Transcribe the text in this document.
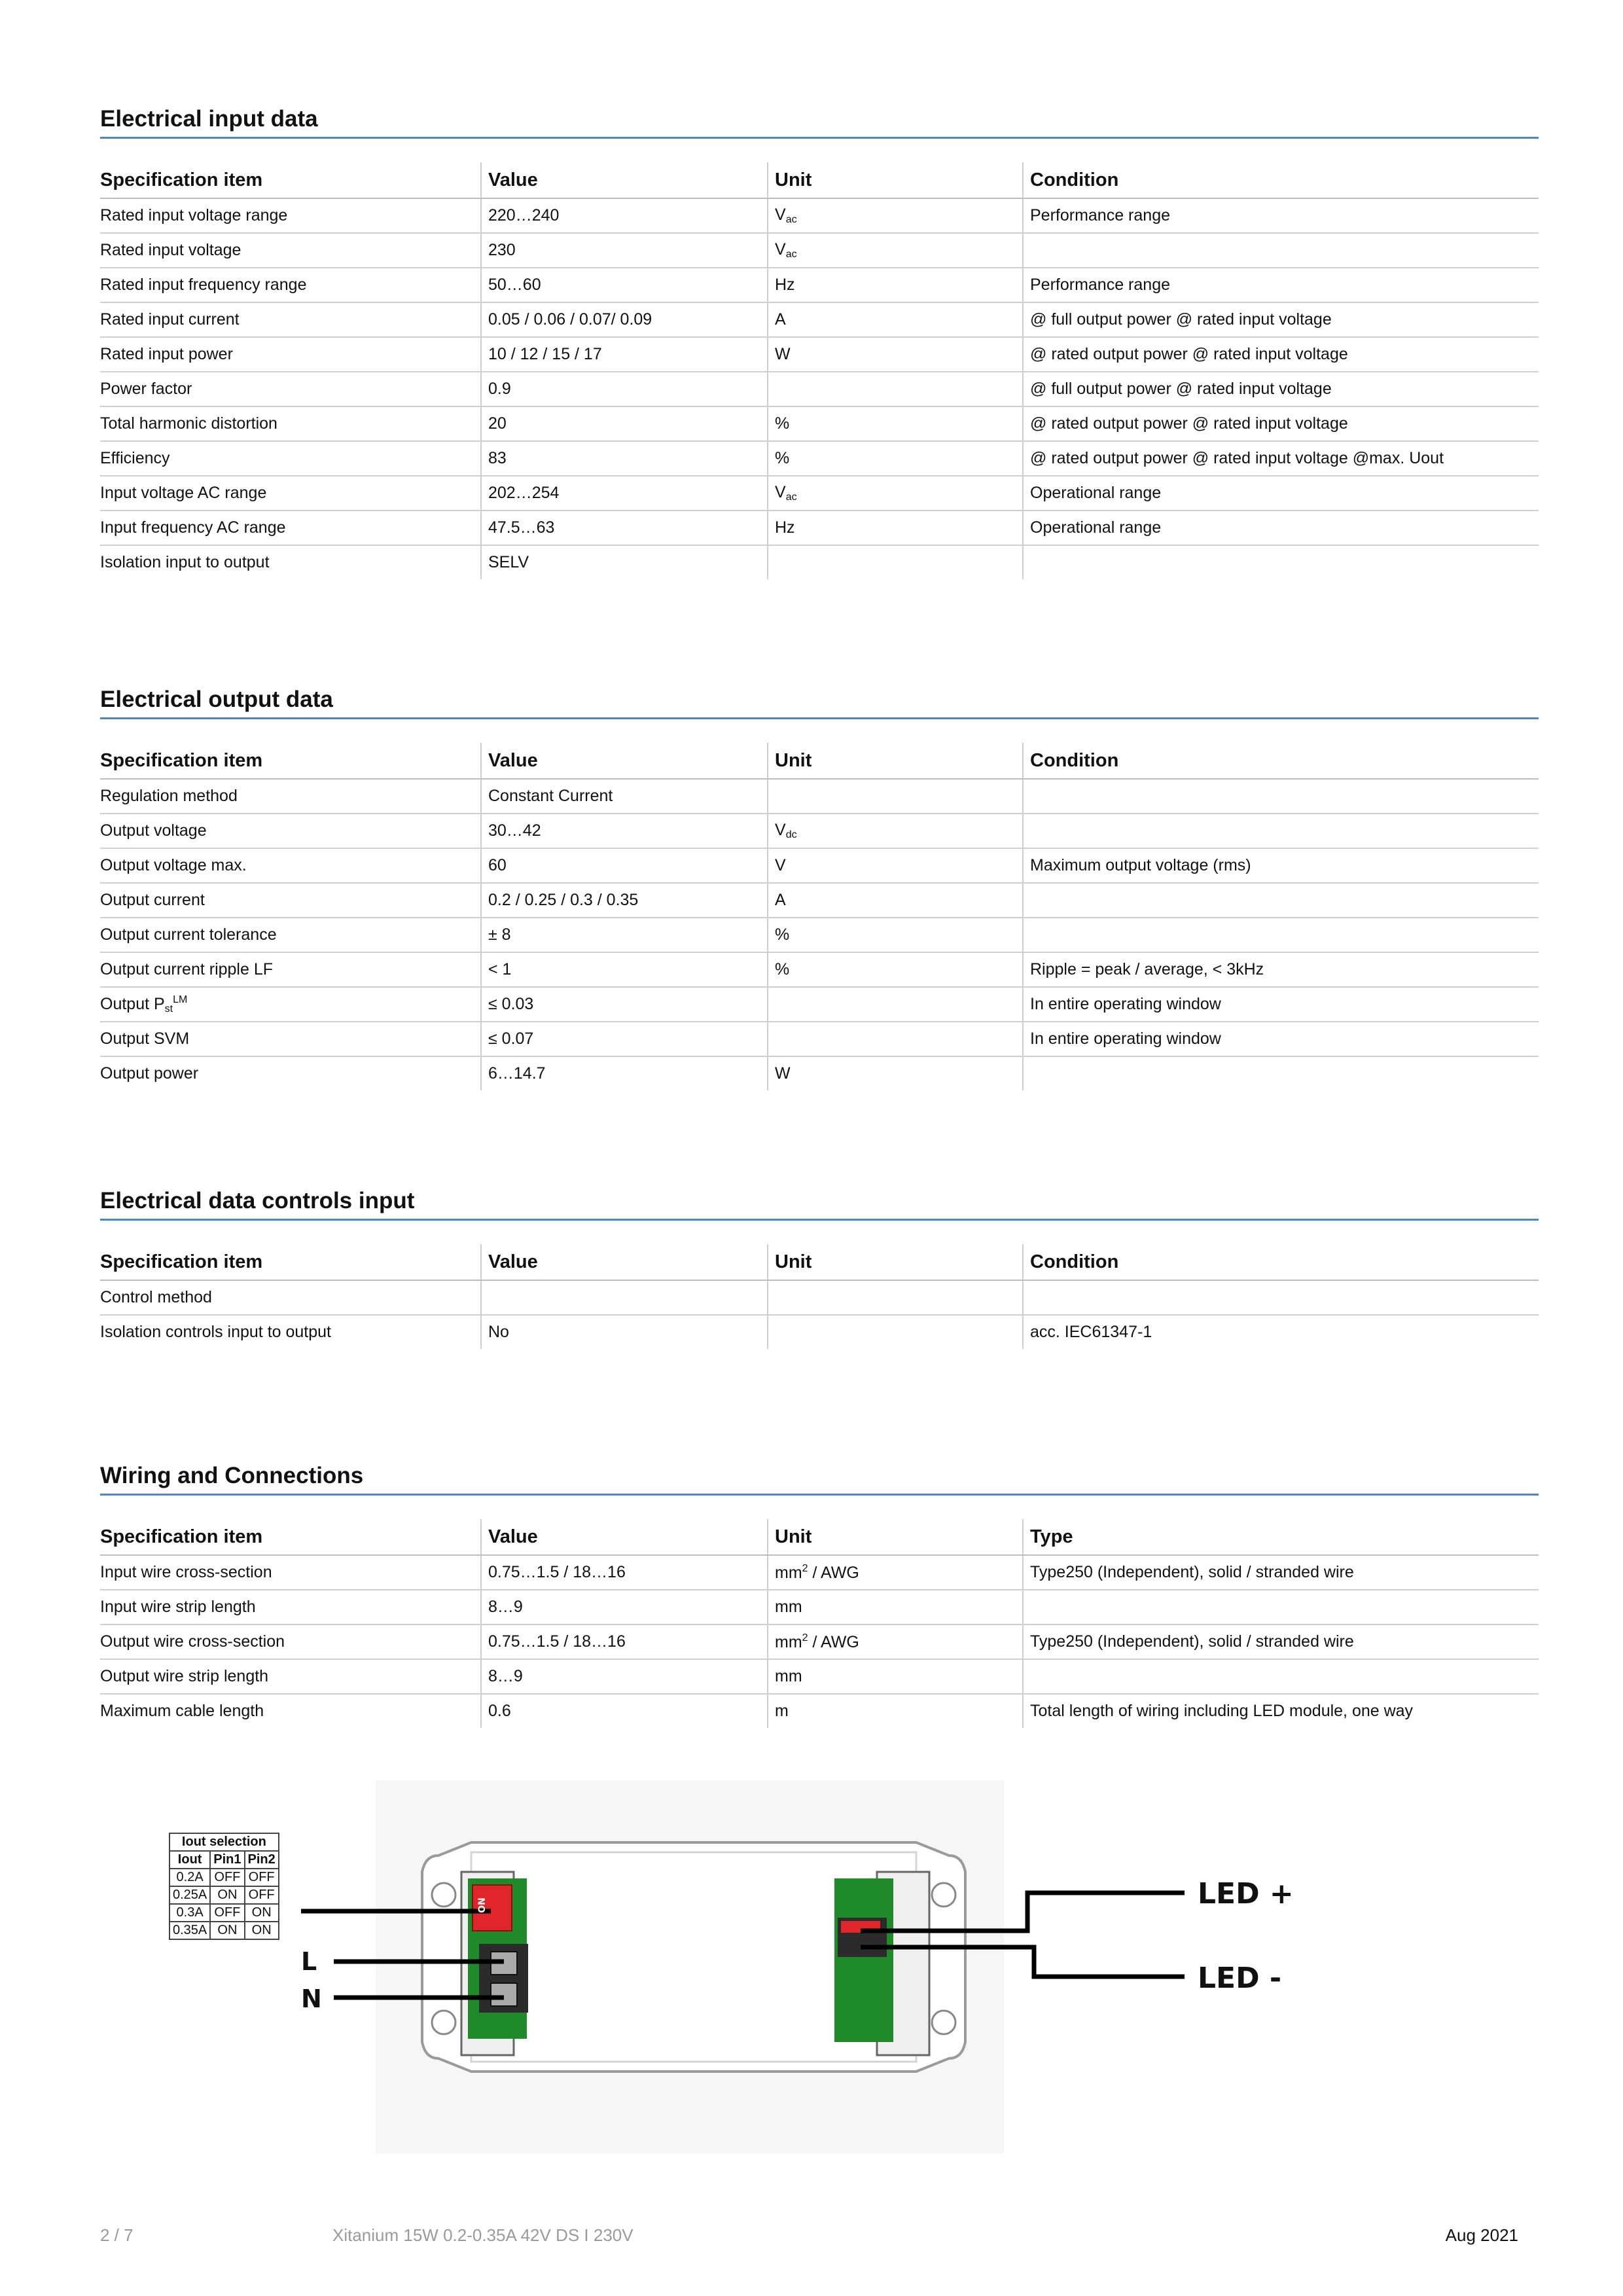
Electrical input data
Specification item	Value	Unit	Condition
Rated input voltage range	220…240	$V_{ac}$	Performance range
Rated input voltage	230	$V_{ac}$	
Rated input frequency range	50…60	Hz	Performance range
Rated input current	0.05 / 0.06 / 0.07/ 0.09	A	@ full output power @ rated input voltage
Rated input power	10 / 12 / 15 / 17	W	@ rated output power @ rated input voltage
Power factor	0.9		@ full output power @ rated input voltage
Total harmonic distortion	20	%	@ rated output power @ rated input voltage
Efficiency	83	%	@ rated output power @ rated input voltage @max. Uout
Input voltage AC range	202…254	$V_{ac}$	Operational range
Input frequency AC range	47.5…63	Hz	Operational range
Isolation input to output	SELV		
Electrical output data
Specification item	Value	Unit	Condition
Regulation method	Constant Current		
Output voltage	30…42	$V_{dc}$	
Output voltage max.	60	V	Maximum output voltage (rms)
Output current	0.2 / 0.25 / 0.3 / 0.35	A	
Output current tolerance	± 8	%	
Output current ripple LF	< 1	%	Ripple = peak / average, < 3kHz
Output $P_{st}^{LM}$	≤ 0.03		In entire operating window
Output SVM	≤ 0.07		In entire operating window
Output power	6…14.7	W	
Electrical data controls input
Specification item	Value	Unit	Condition
Control method			
Isolation controls input to output	No		acc. IEC61347-1
Wiring and Connections
Specification item	Value	Unit	Type
Input wire cross-section	0.75…1.5 / 18…16	$mm^2$ / AWG	Type250 (Independent), solid / stranded wire
Input wire strip length	8…9	mm	
Output wire cross-section	0.75…1.5 / 18…16	$mm^2$ / AWG	Type250 (Independent), solid / stranded wire
Output wire strip length	8…9	mm	
Maximum cable length	0.6	m	Total length of wiring including LED module, one way
ON
Iout selection		
Iout	Pin1	Pin2
0.2A	OFF	OFF
0.25A	ON	OFF
0.3A	OFF	ON
0.35A	ON	ON
L
N
LED +
LED -
2 / 7	Xitanium 15W 0.2-0.35A 42V DS I 230V	Aug 2021
